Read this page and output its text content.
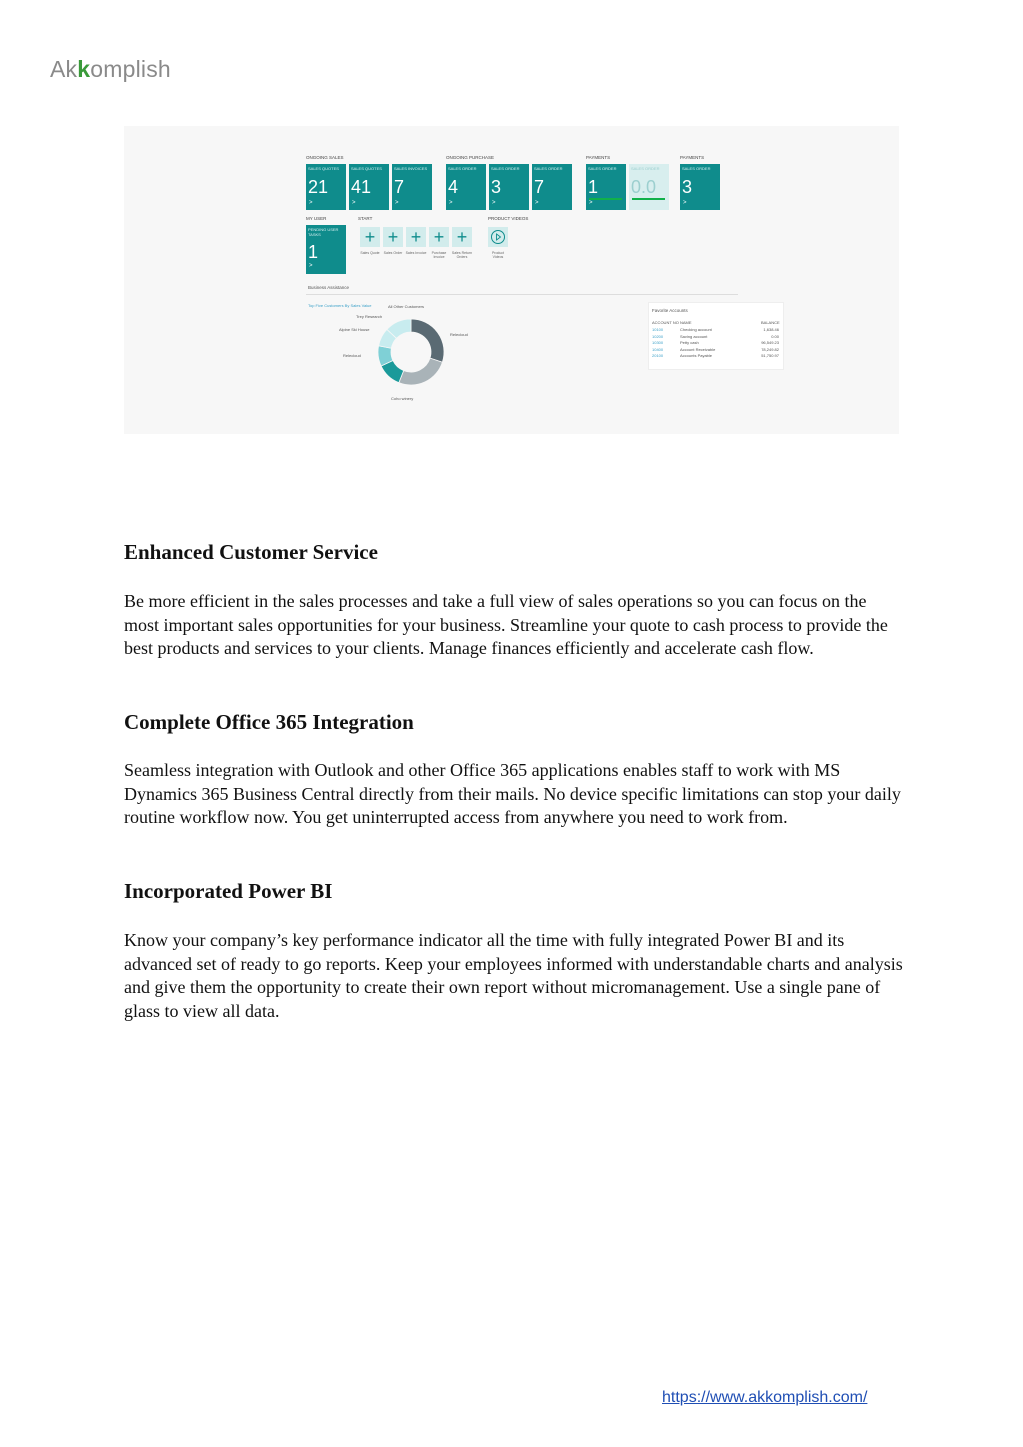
Ak k omplish
ONGOING SALES	ONGOING PURCHASE	PAYMENTS	PAYMENTS
SALES QUOTES
21
>
SALES QUOTES
41
>
SALES INVOICES
7
>
SALES ORDER
4
>
SALES ORDER
3
>
SALES ORDER
7
>
SALES ORDER
1
>
SALES ORDER
0.0
SALES ORDER
3
>
MY USER	START	PRODUCT VIDEOS
PENDING USER TASKS
1
>
+ + + + +
Sales Quote	Sales Order Sales Invoice	Purchase Invoice
Sales Return Orders
Product Videos
Business Assistance
Top Five Customers By Sales Value	All Other Customers
Trey Research
Alpine Ski House
Relecloud
Relecloud
Coho winery
Favorite Accounts
ACCOUNT NO NAME	BALANCE
10100	Checking account	1,638.46
10200	Saving account	0.00
10300	Petty cash	96,549.23
10400	Account Receivable	78,249.82
20100	Accounts Payable	51,750.97
Enhanced Customer Service

Be more efficient in the sales processes and take a full view of sales operations so you can focus on the most important sales opportunities for your business. Streamline your quote to cash process to provide the best products and services to your clients. Manage finances efficiently and accelerate cash flow.

Complete Office 365 Integration

Seamless integration with Outlook and other Office 365 applications enables staff to work with MS Dynamics 365 Business Central directly from their mails. No device specific limitations can stop your daily routine workflow now. You get uninterrupted access from anywhere you need to work from.

Incorporated Power BI

Know your company’s key performance indicator all the time with fully integrated Power BI and its advanced set of ready to go reports. Keep your employees informed with understandable charts and analysis and give them the opportunity to create their own report without micromanagement. Use a single pane of glass to view all data.

https://www.akkomplish.com/
